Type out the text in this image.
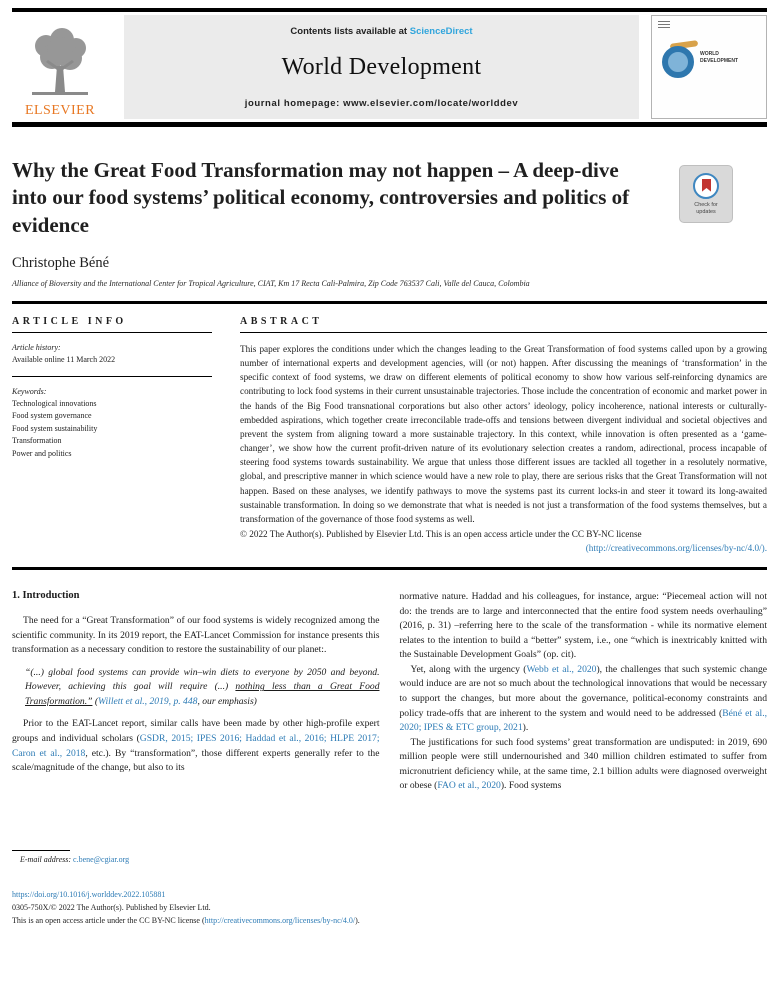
ELSEVIER
Contents lists available at ScienceDirect
World Development
journal homepage: www.elsevier.com/locate/worlddev
WORLD DEVELOPMENT
Why the Great Food Transformation may not happen – A deep-dive into our food systems’ political economy, controversies and politics of evidence
Check for updates
Christophe Béné
Alliance of Bioversity and the International Center for Tropical Agriculture, CIAT, Km 17 Recta Cali-Palmira, Zip Code 763537 Cali, Valle del Cauca, Colombia
ARTICLE INFO
Article history:
Available online 11 March 2022
Keywords:
Technological innovations
Food system governance
Food system sustainability
Transformation
Power and politics
ABSTRACT
This paper explores the conditions under which the changes leading to the Great Transformation of food systems called upon by a growing number of international experts and development agencies, will (or not) happen. After discussing the meanings of ‘transformation’ in the specific context of food systems, we draw on different elements of political economy to show how various self-reinforcing dynamics are contributing to lock food systems in their current unsustainable trajectories. Those include the concentration of economic and market power in the hands of the Big Food transnational corporations but also other actors’ ideology, policy incoherence, national interests or culturally-embedded aspirations, which together create irreconcilable trade-offs and tensions between divergent individual and societal objectives and prevent the system from aligning toward a more sustainable trajectory. In this context, while innovation is often presented as a ‘game-changer’, we show how the current profit-driven nature of its evolutionary selection creates a random, adirectional, process incapable of steering food systems towards sustainability. We argue that unless those different issues are tackled all together in a resolutely normative, global, and prescriptive manner in which science would have a new role to play, there are serious risks that the Great Transformation will not happen. Based on these analyses, we identify pathways to move the systems past its current locks-in and steer it toward its long-awaited sustainable transformation. In doing so we demonstrate that what is needed is not just a transformation of the food systems themselves, but a transformation of the governance of those food systems as well.
© 2022 The Author(s). Published by Elsevier Ltd. This is an open access article under the CC BY-NC license
(http://creativecommons.org/licenses/by-nc/4.0/).
1. Introduction

The need for a “Great Transformation” of our food systems is widely recognized among the scientific community. In its 2019 report, the EAT-Lancet Commission for instance presents this transformation as a necessary condition to restore the sustainability of our planet:.

“(...) global food systems can provide win–win diets to everyone by 2050 and beyond. However, achieving this goal will require (...) nothing less than a Great Food Transformation.” (Willett et al., 2019, p. 448, our emphasis)

Prior to the EAT-Lancet report, similar calls have been made by other high-profile expert groups and individual scholars (GSDR, 2015; IPES 2016; Haddad et al., 2016; HLPE 2017; Caron et al., 2018, etc.). By “transformation”, those different experts generally refer to the scale/magnitude of the change, but also to its

E-mail address: c.bene@cgiar.org

normative nature. Haddad and his colleagues, for instance, argue: “Piecemeal action will not do: the trends are to large and interconnected that the entire food system needs overhauling” (2016, p. 31) –referring here to the scale of the transformation - while its normative element relates to the intention to build a “better” system, i.e., one “which is inextricably knitted with the Sustainable Development Goals” (op. cit).

Yet, along with the urgency (Webb et al., 2020), the challenges that such systemic change would induce are are not so much about the technological innovations that would be necessary to support the changes, but more about the governance, political-economy constraints and policy trade-offs that are inherent to the system and would need to be addressed (Béné et al., 2020; IPES & ETC group, 2021).

The justifications for such food systems’ great transformation are undisputed: in 2019, 690 million people were still undernourished and 340 million children estimated to suffer from micronutrient deficiency while, at the same time, 2.1 billion adults were diagnosed overweight or obese (FAO et al., 2020). Food systems

https://doi.org/10.1016/j.worlddev.2022.105881
0305-750X/© 2022 The Author(s). Published by Elsevier Ltd.
This is an open access article under the CC BY-NC license (http://creativecommons.org/licenses/by-nc/4.0/).
